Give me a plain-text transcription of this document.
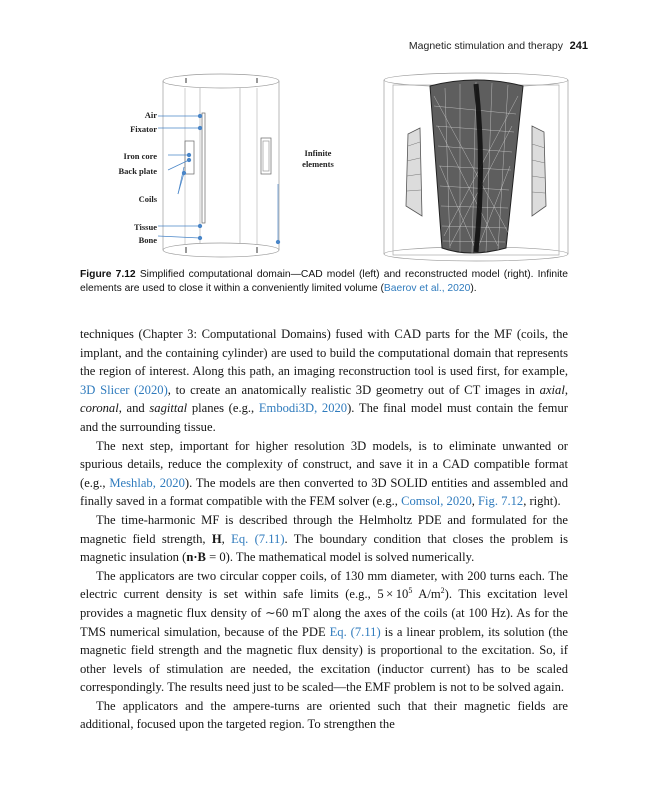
Magnetic stimulation and therapy 241
Air
Fixator
Iron core
Back plate
Coils
Tissue
Bone
Infinite
elements
Figure 7.12 Simplified computational domain—CAD model (left) and reconstructed model (right). Infinite elements are used to close it within a conveniently limited volume (Baerov et al., 2020).

techniques (Chapter 3: Computational Domains) fused with CAD parts for the MF (coils, the implant, and the containing cylinder) are used to build the computational domain that represents the region of interest. Along this path, an imaging reconstruction tool is used first, for example, 3D Slicer (2020), to create an anatomically realistic 3D geometry out of CT images in axial, coronal, and sagittal planes (e.g., Embodi3D, 2020). The final model must contain the femur and the surrounding tissue.

The next step, important for higher resolution 3D models, is to eliminate unwanted or spurious details, reduce the complexity of construct, and save it in a CAD compatible format (e.g., Meshlab, 2020). The models are then converted to 3D SOLID entities and assembled and finally saved in a format compatible with the FEM solver (e.g., Comsol, 2020, Fig. 7.12, right).

The time-harmonic MF is described through the Helmholtz PDE and formulated for the magnetic field strength, H, Eq. (7.11). The boundary condition that closes the problem is magnetic insulation (n·B = 0). The mathematical model is solved numerically.

The applicators are two circular copper coils, of 130 mm diameter, with 200 turns each. The electric current density is set within safe limits (e.g., $5 \times 10^5$ $A/m^2$). This excitation level provides a magnetic flux density of ∼60 mT along the axes of the coils (at 100 Hz). As for the TMS numerical simulation, because of the PDE Eq. (7.11) is a linear problem, its solution (the magnetic field strength and the magnetic flux density) is proportional to the excitation. So, if other levels of stimulation are needed, the excitation (inductor current) has to be scaled correspondingly. The results need just to be scaled—the EMF problem is not to be solved again.

The applicators and the ampere-turns are oriented such that their magnetic fields are additional, focused upon the targeted region. To strengthen the
